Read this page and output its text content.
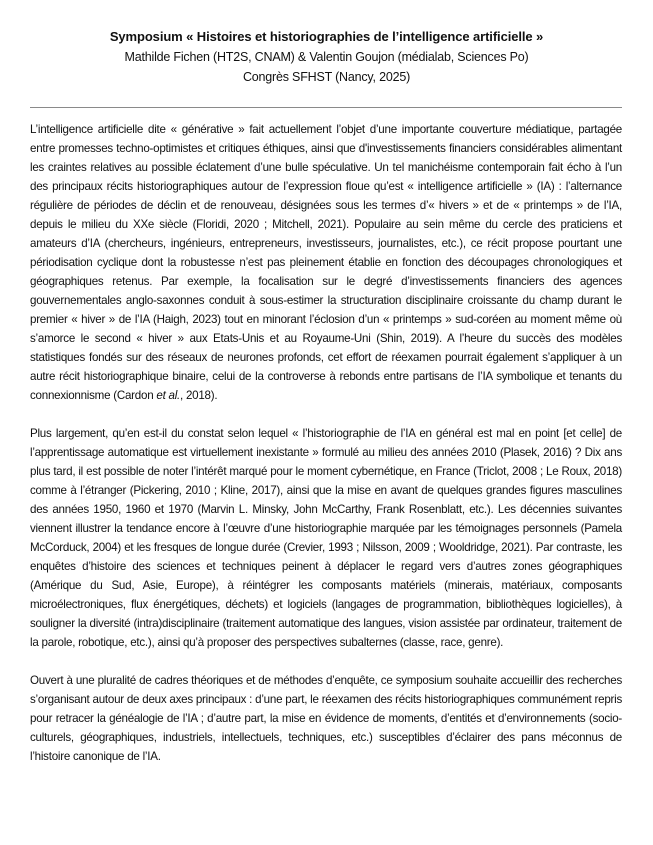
Symposium « Histoires et historiographies de l’intelligence artificielle »

Mathilde Fichen (HT2S, CNAM) & Valentin Goujon (médialab, Sciences Po)

Congrès SFHST (Nancy, 2025)

L’intelligence artificielle dite « générative » fait actuellement l’objet d’une importante couverture médiatique, partagée entre promesses techno-optimistes et critiques éthiques, ainsi que d'investissements financiers considérables alimentant les craintes relatives au possible éclatement d’une bulle spéculative. Un tel manichéisme contemporain fait écho à l’un des principaux récits historiographiques autour de l’expression floue qu’est « intelligence artificielle » (IA) : l’alternance régulière de périodes de déclin et de renouveau, désignées sous les termes d’« hivers » et de « printemps » de l’IA, depuis le milieu du XXe siècle (Floridi, 2020 ; Mitchell, 2021). Populaire au sein même du cercle des praticiens et amateurs d’IA (chercheurs, ingénieurs, entrepreneurs, investisseurs, journalistes, etc.), ce récit propose pourtant une périodisation cyclique dont la robustesse n’est pas pleinement établie en fonction des découpages chronologiques et géographiques retenus. Par exemple, la focalisation sur le degré d’investissements financiers des agences gouvernementales anglo-saxonnes conduit à sous-estimer la structuration disciplinaire croissante du champ durant le premier « hiver » de l’IA (Haigh, 2023) tout en minorant l’éclosion d’un « printemps » sud-coréen au moment même où s’amorce le second « hiver » aux Etats-Unis et au Royaume-Uni (Shin, 2019). A l’heure du succès des modèles statistiques fondés sur des réseaux de neurones profonds, cet effort de réexamen pourrait également s’appliquer à un autre récit historiographique binaire, celui de la controverse à rebonds entre partisans de l’IA symbolique et tenants du connexionnisme (Cardon et al., 2018).

Plus largement, qu’en est-il du constat selon lequel « l’historiographie de l’IA en général est mal en point [et celle] de l’apprentissage automatique est virtuellement inexistante » formulé au milieu des années 2010 (Plasek, 2016) ? Dix ans plus tard, il est possible de noter l’intérêt marqué pour le moment cybernétique, en France (Triclot, 2008 ; Le Roux, 2018) comme à l’étranger (Pickering, 2010 ; Kline, 2017), ainsi que la mise en avant de quelques grandes figures masculines des années 1950, 1960 et 1970 (Marvin L. Minsky, John McCarthy, Frank Rosenblatt, etc.). Les décennies suivantes viennent illustrer la tendance encore à l’œuvre d’une historiographie marquée par les témoignages personnels (Pamela McCorduck, 2004) et les fresques de longue durée (Crevier, 1993 ; Nilsson, 2009 ; Wooldridge, 2021). Par contraste, les enquêtes d’histoire des sciences et techniques peinent à déplacer le regard vers d’autres zones géographiques (Amérique du Sud, Asie, Europe), à réintégrer les composants matériels (minerais, matériaux, composants microélectroniques, flux énergétiques, déchets) et logiciels (langages de programmation, bibliothèques logicielles), à souligner la diversité (intra)disciplinaire (traitement automatique des langues, vision assistée par ordinateur, traitement de la parole, robotique, etc.), ainsi qu’à proposer des perspectives subalternes (classe, race, genre).

Ouvert à une pluralité de cadres théoriques et de méthodes d’enquête, ce symposium souhaite accueillir des recherches s’organisant autour de deux axes principaux : d’une part, le réexamen des récits historiographiques communément repris pour retracer la généalogie de l’IA ; d’autre part, la mise en évidence de moments, d’entités et d’environnements (socio-culturels, géographiques, industriels, intellectuels, techniques, etc.) susceptibles d’éclairer des pans méconnus de l’histoire canonique de l’IA.
